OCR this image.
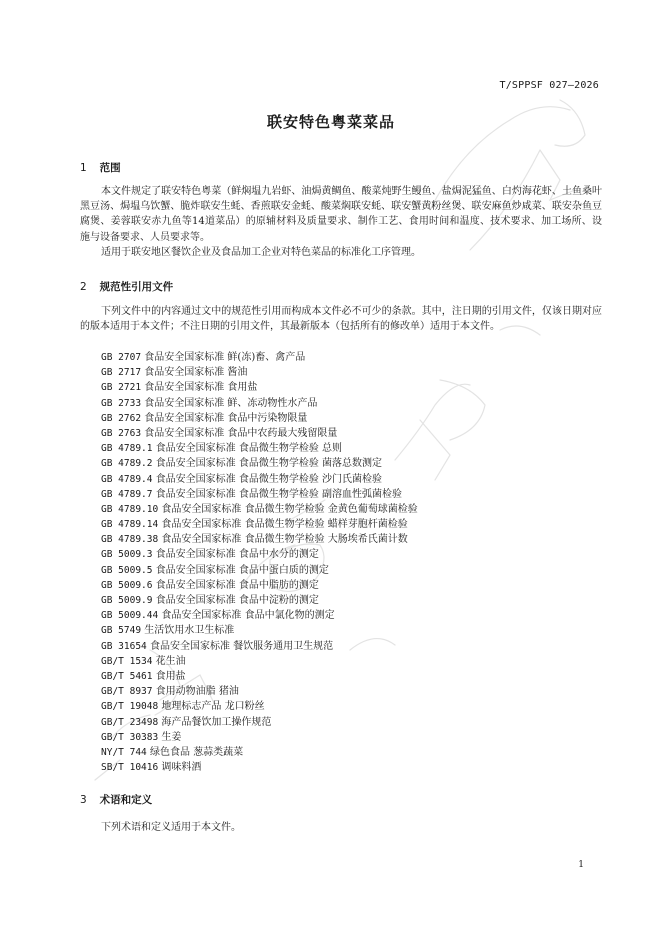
T/SPPSF 027—2026
联安特色粤菜菜品
1 范围

本文件规定了联安特色粤菜（鲜焖塭九岩虾、油焗黄鲷鱼、酸菜炖野生鳗鱼、盐焗泥猛鱼、白灼海花虾、土鱼桑叶黑豆汤、焗塭乌饮蟹、脆炸联安生蚝、香煎联安金蚝、酸菜焖联安蚝、联安蟹黄粉丝煲、联安麻鱼炒咸菜、联安杂鱼豆腐煲、姜蓉联安赤九鱼等14道菜品）的原辅材料及质量要求、制作工艺、食用时间和温度、技术要求、加工场所、设施与设备要求、人员要求等。

适用于联安地区餐饮企业及食品加工企业对特色菜品的标准化工序管理。

2 规范性引用文件

下列文件中的内容通过文中的规范性引用而构成本文件必不可少的条款。其中，注日期的引用文件，仅该日期对应的版本适用于本文件；不注日期的引用文件，其最新版本（包括所有的修改单）适用于本文件。

GB 2707 食品安全国家标准 鲜(冻)畜、禽产品
GB 2717 食品安全国家标准 酱油
GB 2721 食品安全国家标准 食用盐
GB 2733 食品安全国家标准 鲜、冻动物性水产品
GB 2762 食品安全国家标准 食品中污染物限量
GB 2763 食品安全国家标准 食品中农药最大残留限量
GB 4789.1 食品安全国家标准 食品微生物学检验 总则
GB 4789.2 食品安全国家标准 食品微生物学检验 菌落总数测定
GB 4789.4 食品安全国家标准 食品微生物学检验 沙门氏菌检验
GB 4789.7 食品安全国家标准 食品微生物学检验 副溶血性弧菌检验
GB 4789.10 食品安全国家标准 食品微生物学检验 金黄色葡萄球菌检验
GB 4789.14 食品安全国家标准 食品微生物学检验 蜡样芽胞杆菌检验
GB 4789.38 食品安全国家标准 食品微生物学检验 大肠埃希氏菌计数
GB 5009.3 食品安全国家标准 食品中水分的测定
GB 5009.5 食品安全国家标准 食品中蛋白质的测定
GB 5009.6 食品安全国家标准 食品中脂肪的测定
GB 5009.9 食品安全国家标准 食品中淀粉的测定
GB 5009.44 食品安全国家标准 食品中氯化物的测定
GB 5749 生活饮用水卫生标准
GB 31654 食品安全国家标准 餐饮服务通用卫生规范
GB/T 1534 花生油
GB/T 5461 食用盐
GB/T 8937 食用动物油脂 猪油
GB/T 19048 地理标志产品 龙口粉丝
GB/T 23498 海产品餐饮加工操作规范
GB/T 30383 生姜
NY/T 744 绿色食品 葱蒜类蔬菜
SB/T 10416 调味料酒
3 术语和定义

下列术语和定义适用于本文件。

1
